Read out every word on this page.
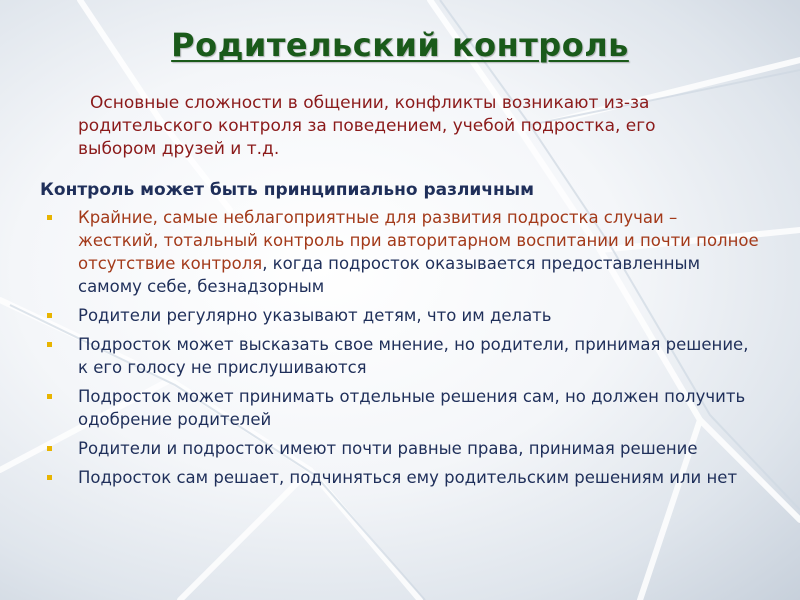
Родительский контроль
Основные сложности в общении, конфликты возникают из-за родительского контроля за поведением, учебой подростка, его выбором друзей и т.д.
Контроль может быть принципиально различным
Крайние, самые неблагоприятные для развития подростка случаи – жесткий, тотальный контроль при авторитарном воспитании и почти полное отсутствие контроля, когда подросток оказывается предоставленным самому себе, безнадзорным
Родители регулярно указывают детям, что им делать
Подросток может высказать свое мнение, но родители, принимая решение, к его голосу не прислушиваются
Подросток может принимать отдельные решения сам, но должен получить одобрение родителей
Родители и подросток имеют почти равные права, принимая решение
Подросток сам решает, подчиняться ему родительским решениям или нет
